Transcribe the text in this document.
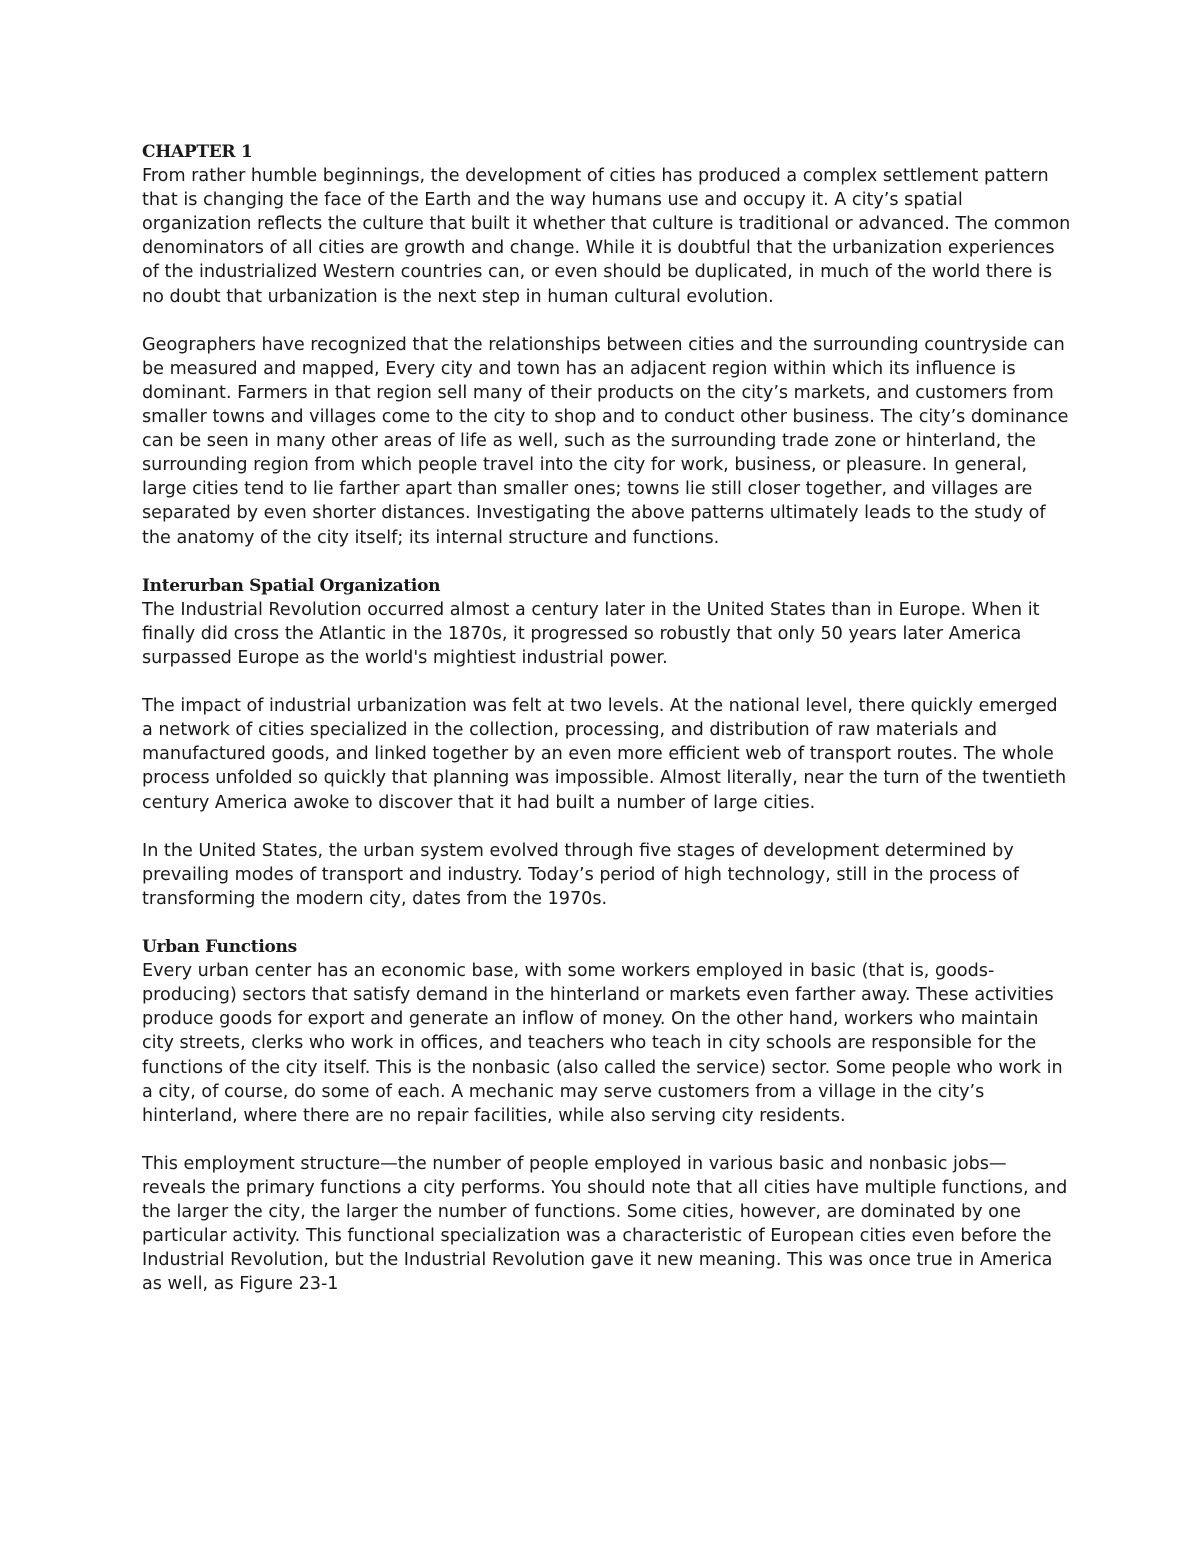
CHAPTER 1

From rather humble beginnings, the development of cities has produced a complex settlement pattern that is changing the face of the Earth and the way humans use and occupy it. A city’s spatial organization reflects the culture that built it whether that culture is traditional or advanced. The common denominators of all cities are growth and change. While it is doubtful that the urbanization experiences of the industrialized Western countries can, or even should be duplicated, in much of the world there is no doubt that urbanization is the next step in human cultural evolution.

Geographers have recognized that the relationships between cities and the surrounding countryside can be measured and mapped, Every city and town has an adjacent region within which its influence is dominant. Farmers in that region sell many of their products on the city’s markets, and customers from smaller towns and villages come to the city to shop and to conduct other business. The city’s dominance can be seen in many other areas of life as well, such as the surrounding trade zone or hinterland, the surrounding region from which people travel into the city for work, business, or pleasure. In general, large cities tend to lie farther apart than smaller ones; towns lie still closer together, and villages are separated by even shorter distances. Investigating the above patterns ultimately leads to the study of the anatomy of the city itself; its internal structure and functions.

Interurban Spatial Organization

The Industrial Revolution occurred almost a century later in the United States than in Europe. When it finally did cross the Atlantic in the 1870s, it progressed so robustly that only 50 years later America surpassed Europe as the world's mightiest industrial power.

The impact of industrial urbanization was felt at two levels. At the national level, there quickly emerged a network of cities specialized in the collection, processing, and distribution of raw materials and manufactured goods, and linked together by an even more efficient web of transport routes. The whole process unfolded so quickly that planning was impossible. Almost literally, near the turn of the twentieth century America awoke to discover that it had built a number of large cities.

In the United States, the urban system evolved through five stages of development determined by prevailing modes of transport and industry. Today’s period of high technology, still in the process of transforming the modern city, dates from the 1970s.

Urban Functions

Every urban center has an economic base, with some workers employed in basic (that is, goods-producing) sectors that satisfy demand in the hinterland or markets even farther away. These activities produce goods for export and generate an inflow of money. On the other hand, workers who maintain city streets, clerks who work in offices, and teachers who teach in city schools are responsible for the functions of the city itself. This is the nonbasic (also called the service) sector. Some people who work in a city, of course, do some of each. A mechanic may serve customers from a village in the city’s hinterland, where there are no repair facilities, while also serving city residents.

This employment structure—the number of people employed in various basic and nonbasic jobs— reveals the primary functions a city performs. You should note that all cities have multiple functions, and the larger the city, the larger the number of functions. Some cities, however, are dominated by one particular activity. This functional specialization was a characteristic of European cities even before the Industrial Revolution, but the Industrial Revolution gave it new meaning. This was once true in America as well, as Figure 23-1
